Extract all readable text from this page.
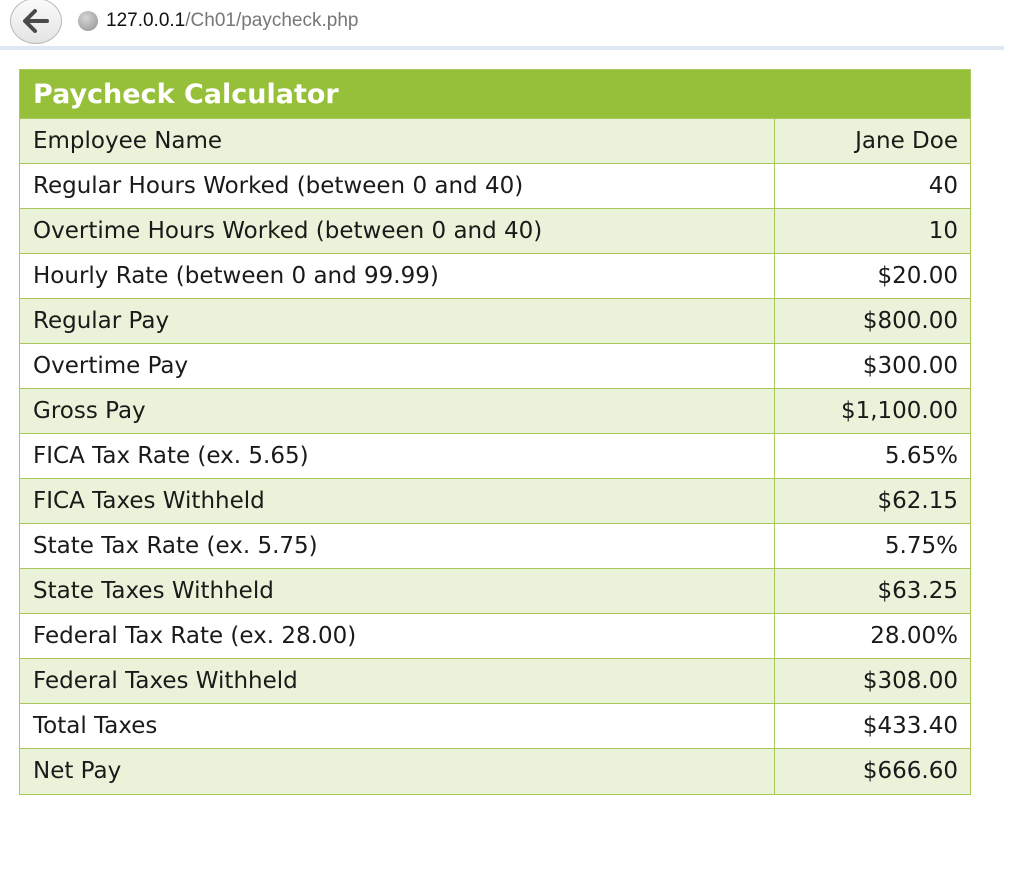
127.0.0.1/Ch01/paycheck.php
Paycheck Calculator
Employee Name	Jane Doe
Regular Hours Worked (between 0 and 40)	40
Overtime Hours Worked (between 0 and 40)	10
Hourly Rate (between 0 and 99.99)	$20.00
Regular Pay	$800.00
Overtime Pay	$300.00
Gross Pay	$1,100.00
FICA Tax Rate (ex. 5.65)	5.65%
FICA Taxes Withheld	$62.15
State Tax Rate (ex. 5.75)	5.75%
State Taxes Withheld	$63.25
Federal Tax Rate (ex. 28.00)	28.00%
Federal Taxes Withheld	$308.00
Total Taxes	$433.40
Net Pay	$666.60
